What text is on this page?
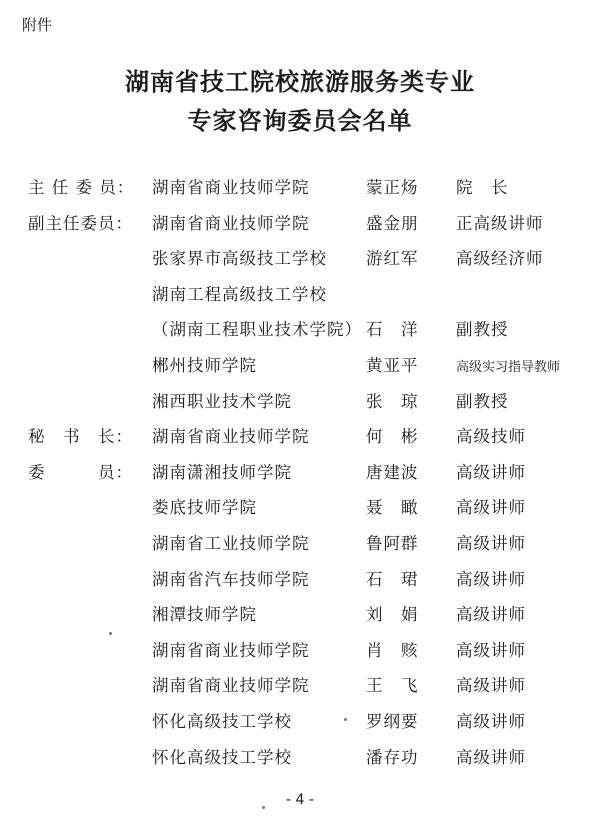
附件
湖南省技工院校旅游服务类专业
专家咨询委员会名单
主 任 委 员：	湖南省商业技师学院	蒙正炀 院　长
副主任委员：	湖南省商业技师学院	盛金朋 正高级讲师
张家界市高级技工学校 游红军 高级经济师
湖南工程高级技工学校
（湖南工程职业技术学院） 石　洋 副教授
郴州技师学院	黄亚平	高级实习指导教师
湘西职业技术学院	张　琼 副教授
秘　书　长：	湖南省商业技师学院	何　彬 高级技师
委　　　员：	湖南潇湘技师学院	唐建波 高级讲师
娄底技师学院	聂　瞰 高级讲师
湖南省工业技师学院	鲁阿群 高级讲师
湖南省汽车技师学院	石　珺 高级讲师
湘潭技师学院	刘　娟 高级讲师
湖南省商业技师学院	肖　赅 高级讲师
湖南省商业技师学院	王　飞 高级讲师
怀化高级技工学校	罗纲要 高级讲师
怀化高级技工学校	潘存功 高级讲师
- 4 -
